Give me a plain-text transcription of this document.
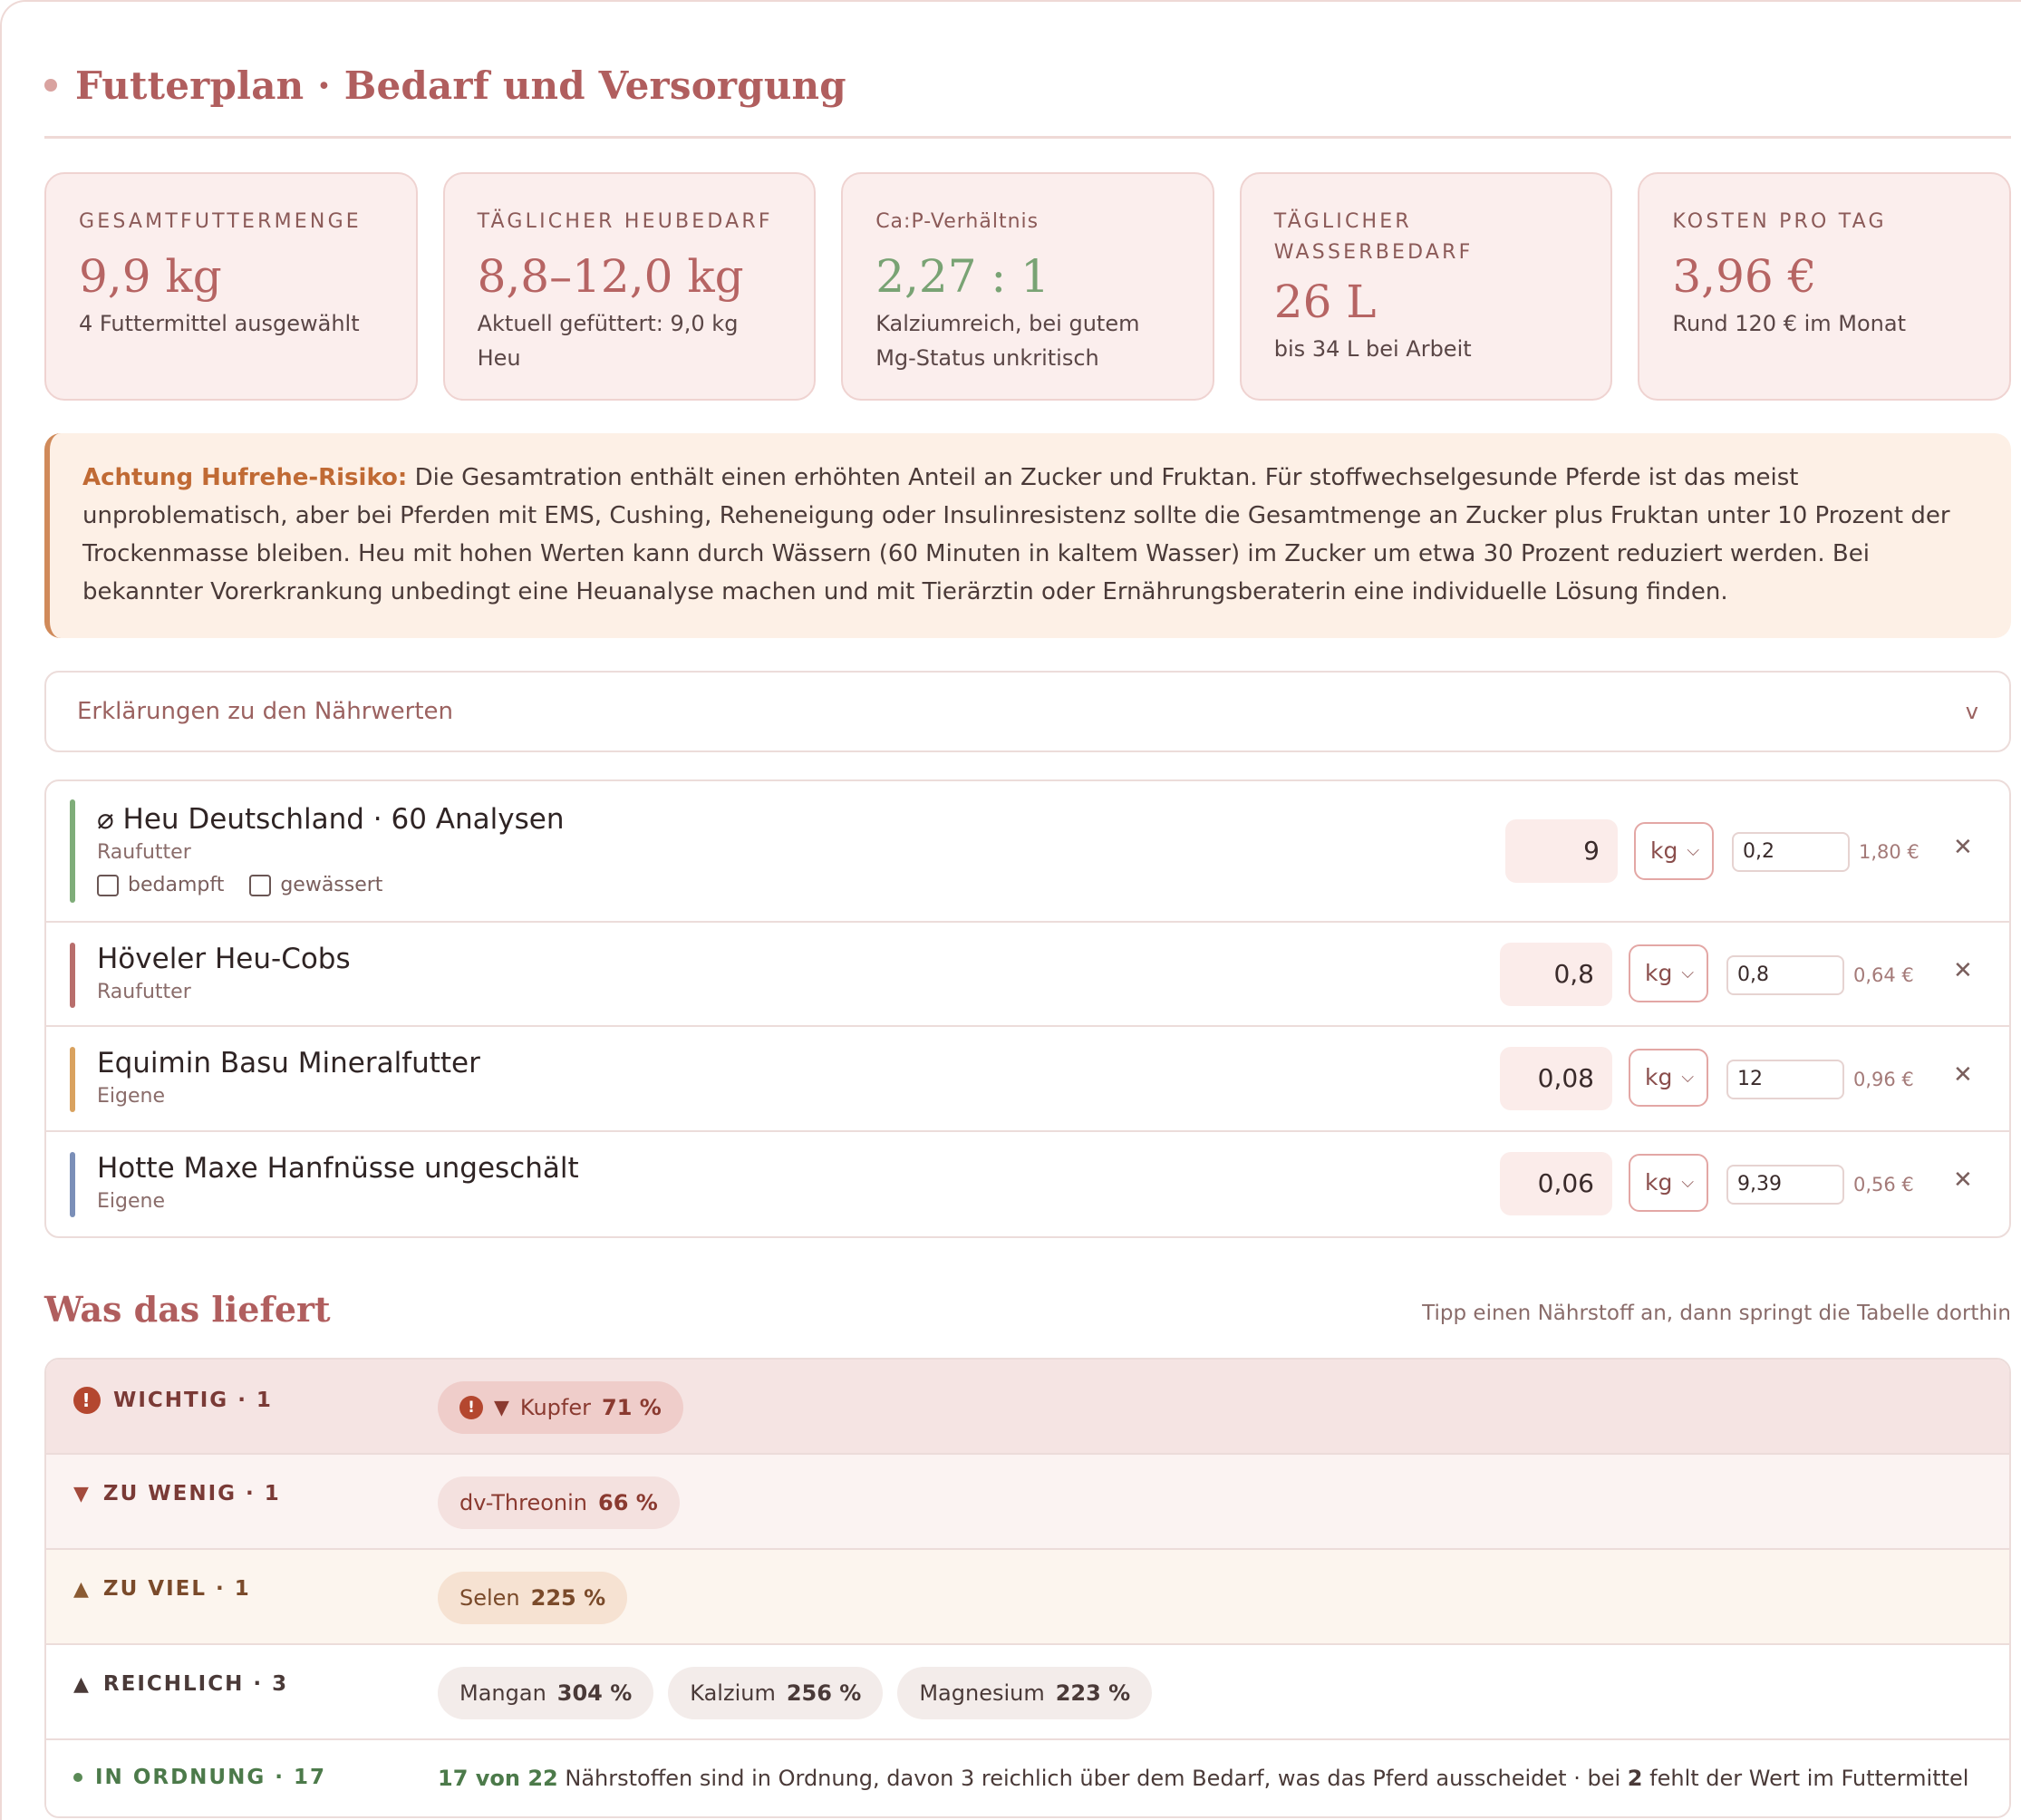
Futterplan · Bedarf und Versorgung
GESAMTFUTTERMENGE
9,9 kg
4 Futtermittel ausgewählt
TÄGLICHER HEUBEDARF
8,8–12,0 kg
Aktuell gefüttert: 9,0 kg Heu
Ca:P-Verhältnis
2,27 : 1
Kalziumreich, bei gutem Mg-Status unkritisch
TÄGLICHER WASSERBEDARF
26 L
bis 34 L bei Arbeit
KOSTEN PRO TAG
3,96 €
Rund 120 € im Monat

Achtung Hufrehe-Risiko: Die Gesamtration enthält einen erhöhten Anteil an Zucker und Fruktan. Für stoffwechselgesunde Pferde ist das meist unproblematisch, aber bei Pferden mit EMS, Cushing, Reheneigung oder Insulinresistenz sollte die Gesamtmenge an Zucker plus Fruktan unter 10 Prozent der Trockenmasse bleiben. Heu mit hohen Werten kann durch Wässern (60 Minuten in kaltem Wasser) im Zucker um etwa 30 Prozent reduziert werden. Bei bekannter Vorerkrankung unbedingt eine Heuanalyse machen und mit Tierärztin oder Ernährungsberaterin eine individuelle Lösung finden.

Erklärungen zu den Nährwerten	v
⌀ Heu Deutschland · 60 Analysen
Raufutter
bedampft	gewässert
9	kg ⌵	0,2	1,80 € ✕
Höveler Heu-Cobs
Raufutter
0,8	kg ⌵	0,8	0,64 € ✕
Equimin Basu Mineralfutter
Eigene
0,08	kg ⌵	12	0,96 € ✕
Hotte Maxe Hanfnüsse ungeschält
Eigene
0,06	kg ⌵	9,39	0,56 € ✕
Was das liefert	Tipp einen Nährstoff an, dann springt die Tabelle dorthin
!	WICHTIG · 1	! ▼ Kupfer 71 %
▼ ZU WENIG · 1	dv-Threonin 66 %
▲ ZU VIEL · 1	Selen 225 %
▲ REICHLICH · 3	Mangan 304 %	Kalzium 256 %	Magnesium 223 %
IN ORDNUNG · 17	17 von 22 Nährstoffen sind in Ordnung, davon 3 reichlich über dem Bedarf, was das Pferd ausscheidet · bei 2 fehlt der Wert im Futtermittel
